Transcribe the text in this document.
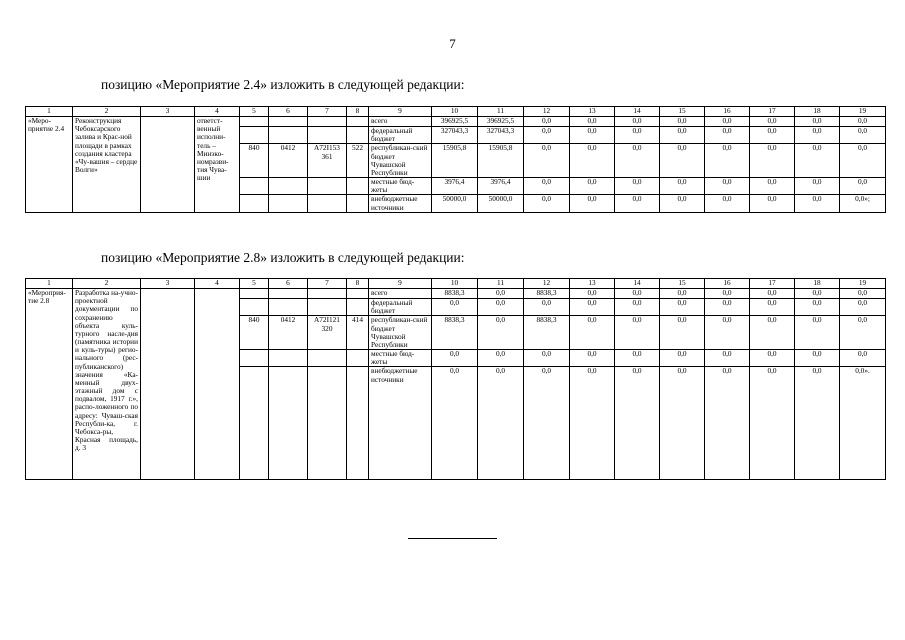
7
позицию «Мероприятие 2.4» изложить в следующей редакции:
позицию «Мероприятие 2.8» изложить в следующей редакции:
1	2	3	4	5	6	7	8	9	10	11	12	13	14	15	16	17	18	19
«Меро-приятие 2.4	Реконструкция Чебоксарского залива и Крас-ной площади в рамках создания кластера «Чу-вашия – сердце Волги»		ответст-венный исполни-тель – Минэко-номразви-тия Чува-шии					всего	396925,5	396925,5	0,0	0,0	0,0	0,0	0,0	0,0	0,0	0,0
								федеральный бюджет	327043,3	327043,3	0,0	0,0	0,0	0,0	0,0	0,0	0,0	0,0
				840	0412	A72I153 361	522	республикан-ский бюджет Чувашской Республики	15905,8	15905,8	0,0	0,0	0,0	0,0	0,0	0,0	0,0	0,0
								местные бюд-жеты	3976,4	3976,4	0,0	0,0	0,0	0,0	0,0	0,0	0,0	0,0
								внебюджетные источники	50000,0	50000,0	0,0	0,0	0,0	0,0	0,0	0,0	0,0	0,0»;
1	2	3	4	5	6	7	8	9	10	11	12	13	14	15	16	17	18	19
«Мероприя-тие 2.8	Разработка на-учно-проектной документации по сохранению объекта куль-турного насле-дия (памятника истории и куль-туры) регио-нального (рес-публиканского) значения «Ка-менный двух-этажный дом с подвалом, 1917 г.», распо-ложенного по адресу: Чуваш-ская Республи-ка, г. Чебокса-ры, Красная площадь, д. 3							всего	8838,3	0,0	8838,3	0,0	0,0	0,0	0,0	0,0	0,0	0,0
								федеральный бюджет	0,0	0,0	0,0	0,0	0,0	0,0	0,0	0,0	0,0	0,0
				840	0412	A72I121 320	414	республикан-ский бюджет Чувашской Республики	8838,3	0,0	8838,3	0,0	0,0	0,0	0,0	0,0	0,0	0,0
								местные бюд-жеты	0,0	0,0	0,0	0,0	0,0	0,0	0,0	0,0	0,0	0,0
								внебюджетные источники	0,0	0,0	0,0	0,0	0,0	0,0	0,0	0,0	0,0	0,0».
